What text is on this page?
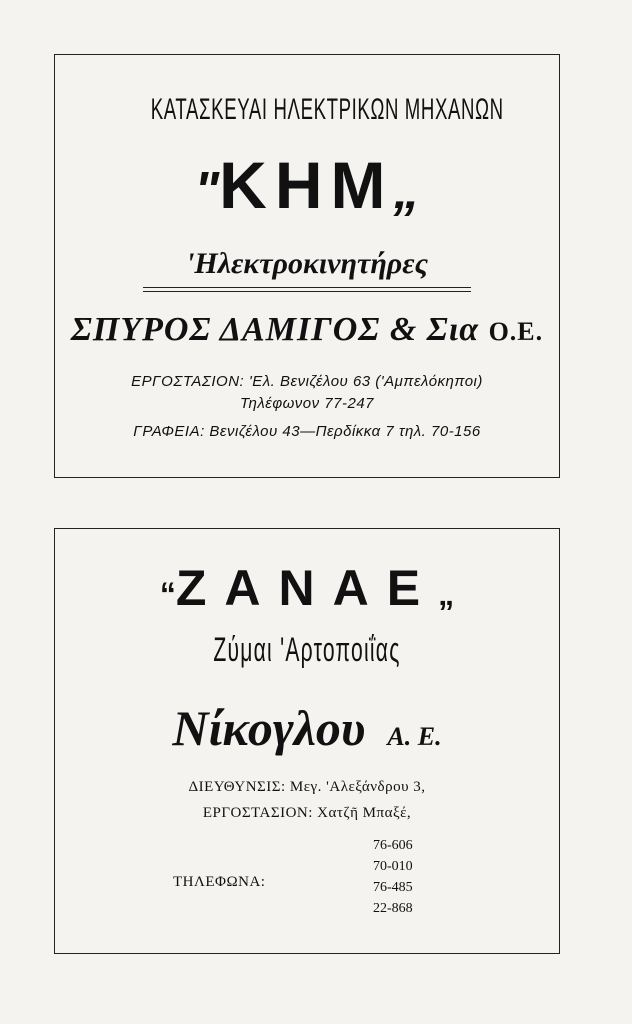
ΚΑΤΑΣΚΕΥΑΙ ΗΛΕΚΤΡΙΚΩΝ ΜΗΧΑΝΩΝ
"ΚΗΜ„
'Ηλεκτροκινητήρες
ΣΠΥΡΟΣ ΔΑΜΙΓΟΣ & Σια Ο.Ε.
ΕΡΓΟΣΤΑΣΙΟΝ: 'Ελ. Βενιζέλου 63 ('Αμπελόκηποι)
Τηλέφωνον 77-247
ΓΡΑΦΕΙΑ: Βενιζέλου 43—Περδίκκα 7 τηλ. 70-156
“ΖΑΝΑΕ„
Ζύμαι 'Αρτοποιΐας
Νίκογλου Α. Ε.
ΔΙΕΥΘΥΝΣΙΣ: Μεγ. 'Αλεξάνδρου 3,
ΕΡΓΟΣΤΑΣΙΟΝ: Χατζῆ Μπαξέ,
ΤΗΛΕΦΩΝΑ:
76-606
70-010
76-485
22-868
